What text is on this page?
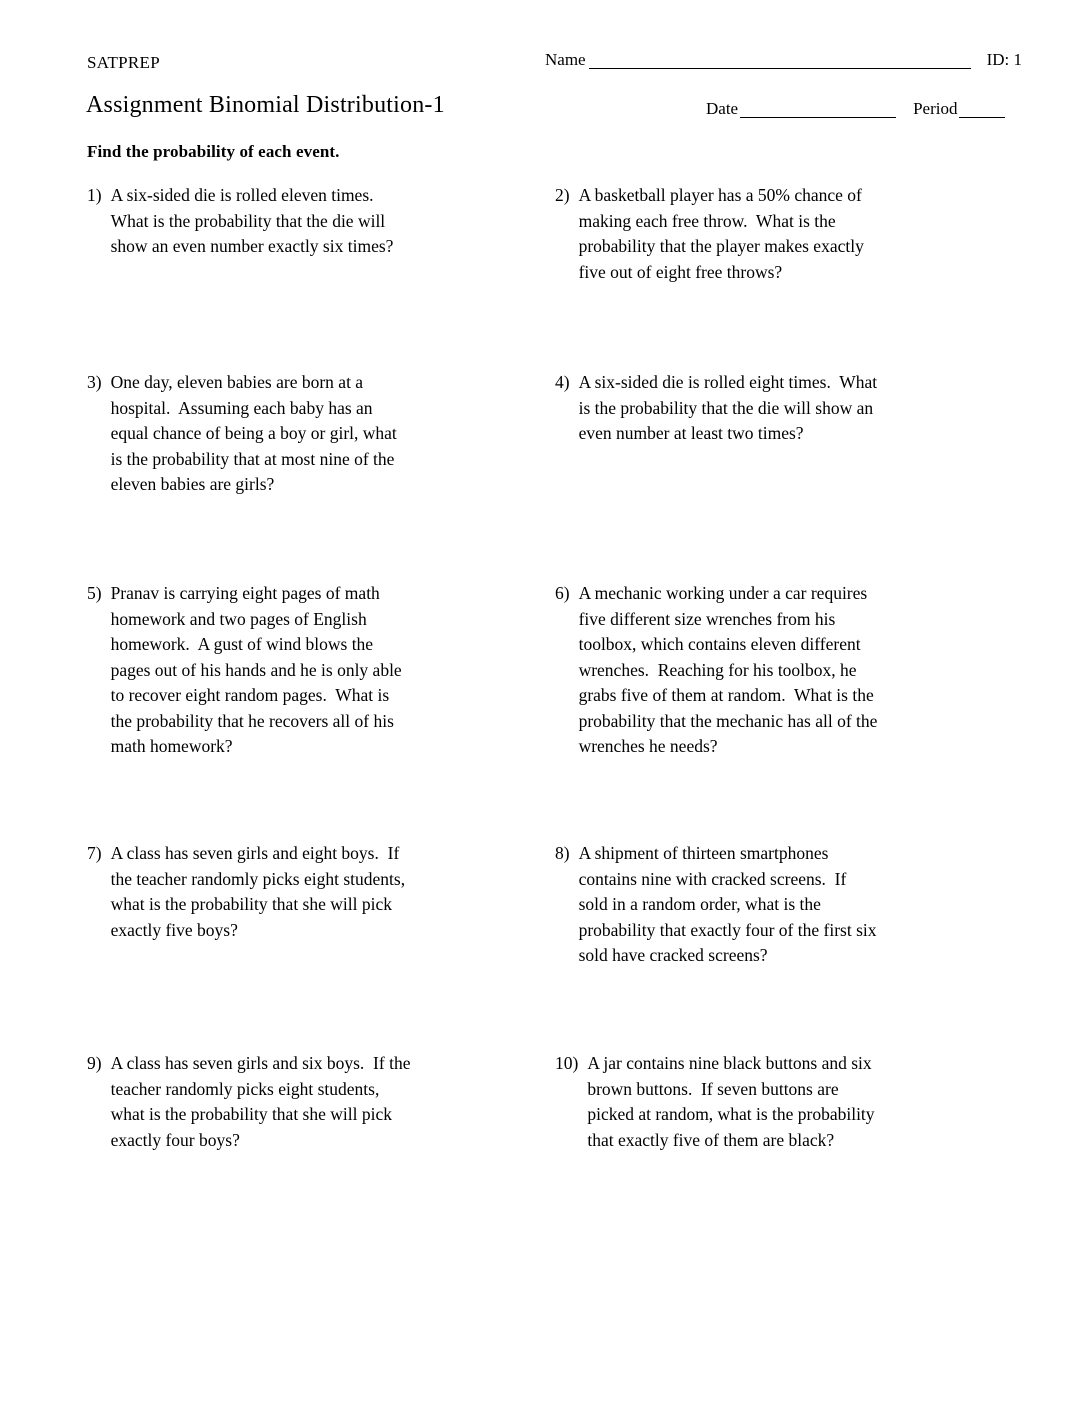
SATPREP	Name	ID: 1
Assignment Binomial Distribution-1	Date	Period
Find the probability of each event.
1) A six-sided die is rolled eleven times.
What is the probability that the die will
show an even number exactly six times?
2) A basketball player has a 50% chance of
making each free throw.  What is the
probability that the player makes exactly
five out of eight free throws?
3) One day, eleven babies are born at a
hospital.  Assuming each baby has an
equal chance of being a boy or girl, what
is the probability that at most nine of the
eleven babies are girls?
4) A six-sided die is rolled eight times.  What
is the probability that the die will show an
even number at least two times?
5) Pranav is carrying eight pages of math
homework and two pages of English
homework.  A gust of wind blows the
pages out of his hands and he is only able
to recover eight random pages.  What is
the probability that he recovers all of his
math homework?
6) A mechanic working under a car requires
five different size wrenches from his
toolbox, which contains eleven different
wrenches.  Reaching for his toolbox, he
grabs five of them at random.  What is the
probability that the mechanic has all of the
wrenches he needs?
7) A class has seven girls and eight boys.  If
the teacher randomly picks eight students,
what is the probability that she will pick
exactly five boys?
8) A shipment of thirteen smartphones
contains nine with cracked screens.  If
sold in a random order, what is the
probability that exactly four of the first six
sold have cracked screens?
9) A class has seven girls and six boys.  If the
teacher randomly picks eight students,
what is the probability that she will pick
exactly four boys?
10) A jar contains nine black buttons and six
brown buttons.  If seven buttons are
picked at random, what is the probability
that exactly five of them are black?
